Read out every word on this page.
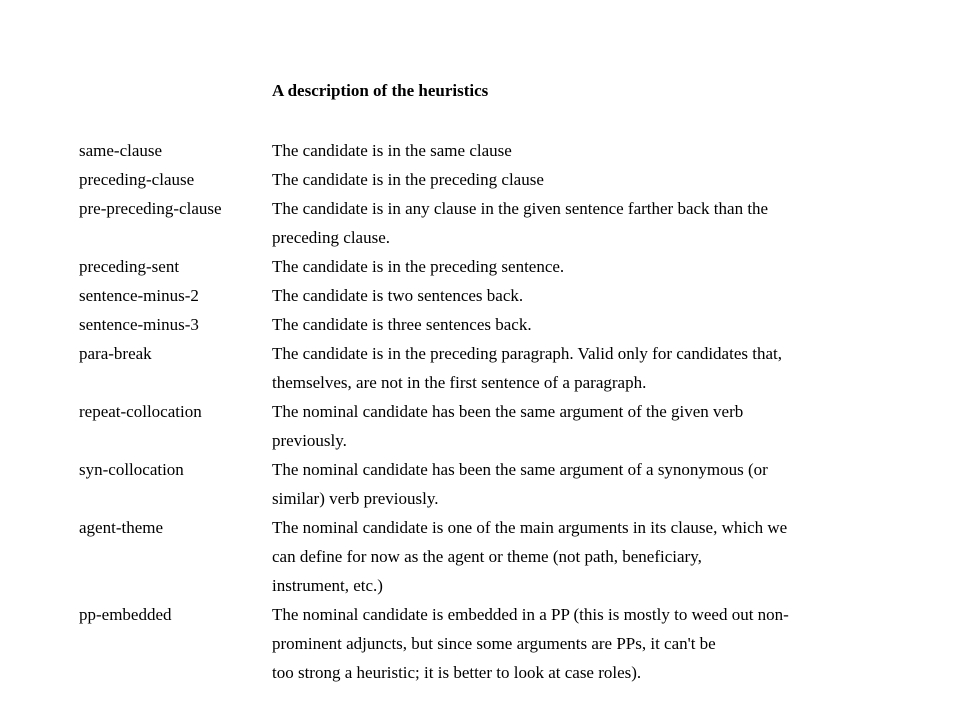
A description of the heuristics
same-clause	The candidate is in the same clause
preceding-clause	The candidate is in the preceding clause
pre-preceding-clause	The candidate is in any clause in the given sentence farther back than the
preceding clause.
preceding-sent	The candidate is in the preceding sentence.
sentence-minus-2	The candidate is two sentences back.
sentence-minus-3	The candidate is three sentences back.
para-break	The candidate is in the preceding paragraph. Valid only for candidates that,
themselves, are not in the first sentence of a paragraph.
repeat-collocation	The nominal candidate has been the same argument of the given verb
previously.
syn-collocation	The nominal candidate has been the same argument of a synonymous (or
similar) verb previously.
agent-theme	The nominal candidate is one of the main arguments in its clause, which we
can define for now as the agent or theme (not path, beneficiary,
instrument, etc.)
pp-embedded	The nominal candidate is embedded in a PP (this is mostly to weed out non-
prominent adjuncts, but since some arguments are PPs, it can't be
too strong a heuristic; it is better to look at case roles).
